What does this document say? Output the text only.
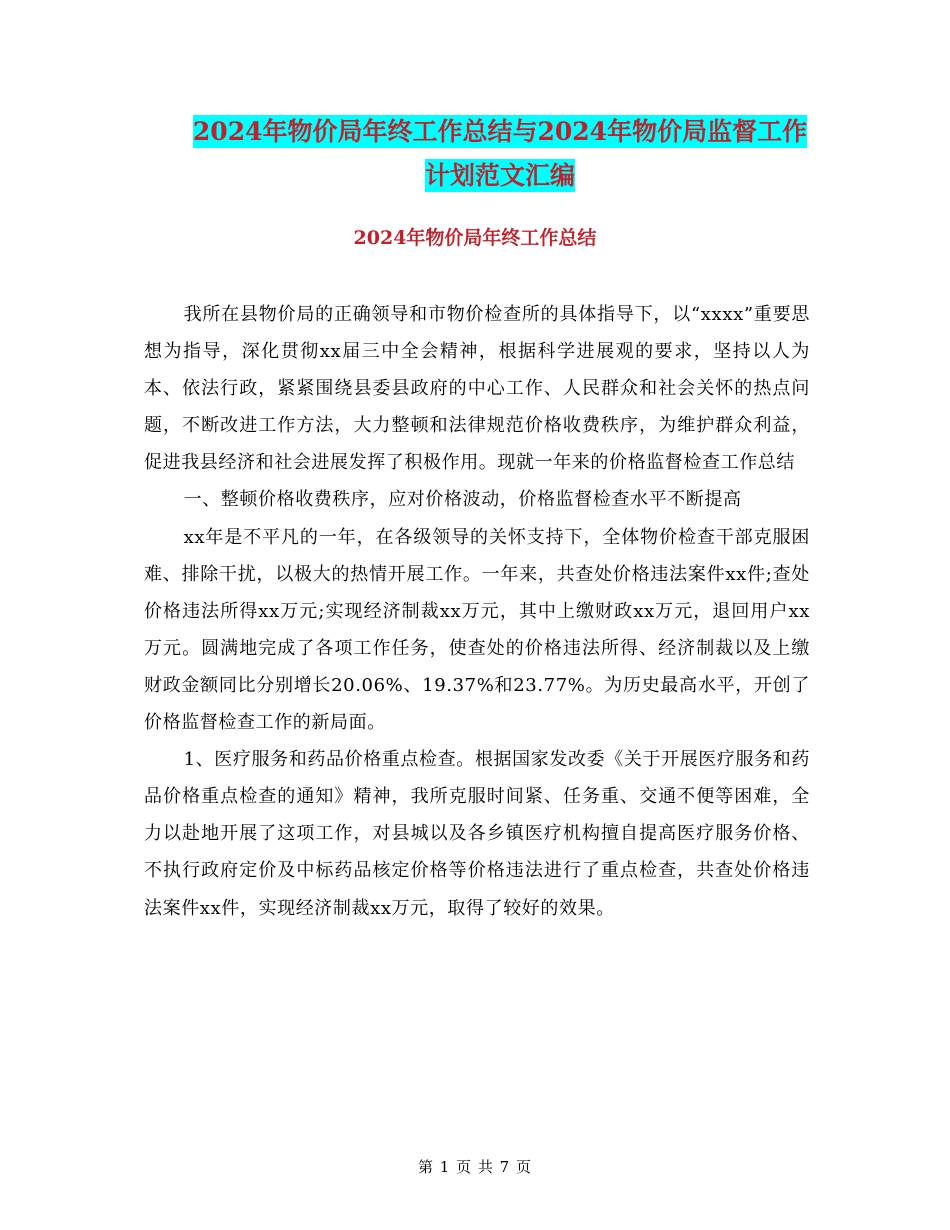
2024年物价局年终工作总结与2024年物价局监督工作
计划范文汇编
2024年物价局年终工作总结

我所在县物价局的正确领导和市物价检查所的具体指导下，以“xxxx”重要思想为指导，深化贯彻xx届三中全会精神，根据科学进展观的要求，坚持以人为本、依法行政，紧紧围绕县委县政府的中心工作、人民群众和社会关怀的热点问题，不断改进工作方法，大力整顿和法律规范价格收费秩序，为维护群众利益，促进我县经济和社会进展发挥了积极作用。现就一年来的价格监督检查工作总结

一、整顿价格收费秩序，应对价格波动，价格监督检查水平不断提高

xx年是不平凡的一年，在各级领导的关怀支持下，全体物价检查干部克服困难、排除干扰，以极大的热情开展工作。一年来，共查处价格违法案件xx件;查处价格违法所得xx万元;实现经济制裁xx万元，其中上缴财政xx万元，退回用户xx万元。圆满地完成了各项工作任务，使查处的价格违法所得、经济制裁以及上缴财政金额同比分别增长20.06%、19.37%和23.77%。为历史最高水平，开创了价格监督检查工作的新局面。

1、医疗服务和药品价格重点检查。根据国家发改委《关于开展医疗服务和药品价格重点检查的通知》精神，我所克服时间紧、任务重、交通不便等困难，全力以赴地开展了这项工作，对县城以及各乡镇医疗机构擅自提高医疗服务价格、不执行政府定价及中标药品核定价格等价格违法进行了重点检查，共查处价格违法案件xx件，实现经济制裁xx万元，取得了较好的效果。

第 1 页 共 7 页
